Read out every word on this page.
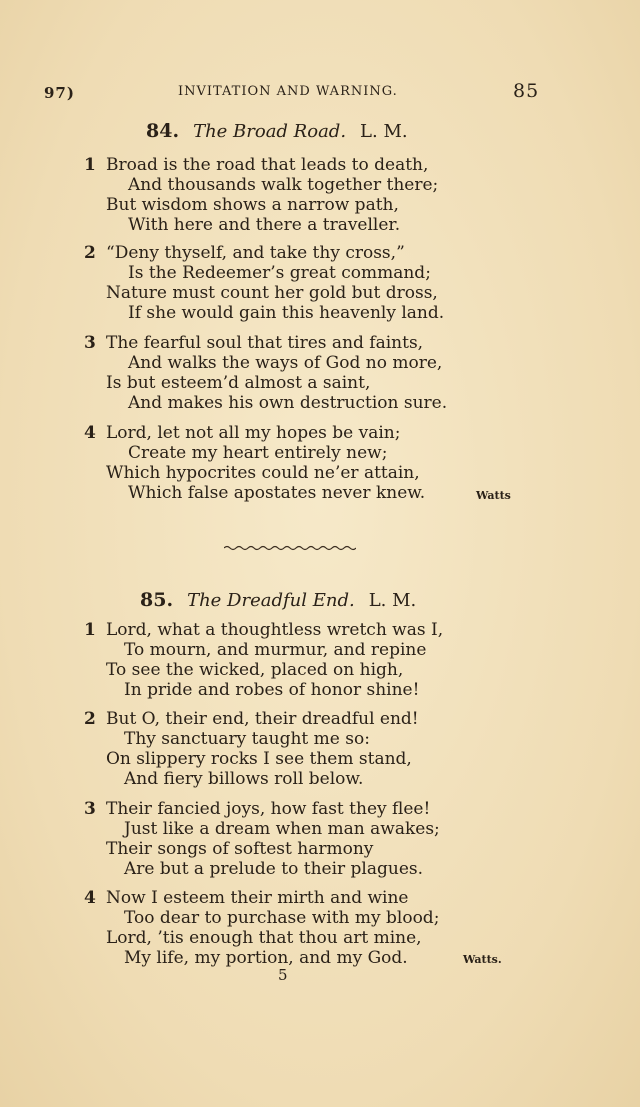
97)	INVITATION AND WARNING.	85
84. The Broad Road. L. M.
1 Broad is the road that leads to death,
And thousands walk together there;
But wisdom shows a narrow path,
With here and there a traveller.
2 “Deny thyself, and take thy cross,”
Is the Redeemer’s great command;
Nature must count her gold but dross,
If she would gain this heavenly land.
3 The fearful soul that tires and faints,
And walks the ways of God no more,
Is but esteem’d almost a saint,
And makes his own destruction sure.
4 Lord, let not all my hopes be vain;
Create my heart entirely new;
Which hypocrites could ne’er attain,
Which false apostates never knew.	Watts
85. The Dreadful End. L. M.
1 Lord, what a thoughtless wretch was I,
To mourn, and murmur, and repine
To see the wicked, placed on high,
In pride and robes of honor shine!
2 But O, their end, their dreadful end!
Thy sanctuary taught me so:
On slippery rocks I see them stand,
And fiery billows roll below.
3 Their fancied joys, how fast they flee!
Just like a dream when man awakes;
Their songs of softest harmony
Are but a prelude to their plagues.
4 Now I esteem their mirth and wine
Too dear to purchase with my blood;
Lord, ’tis enough that thou art mine,
My life, my portion, and my God.	Watts.
5
